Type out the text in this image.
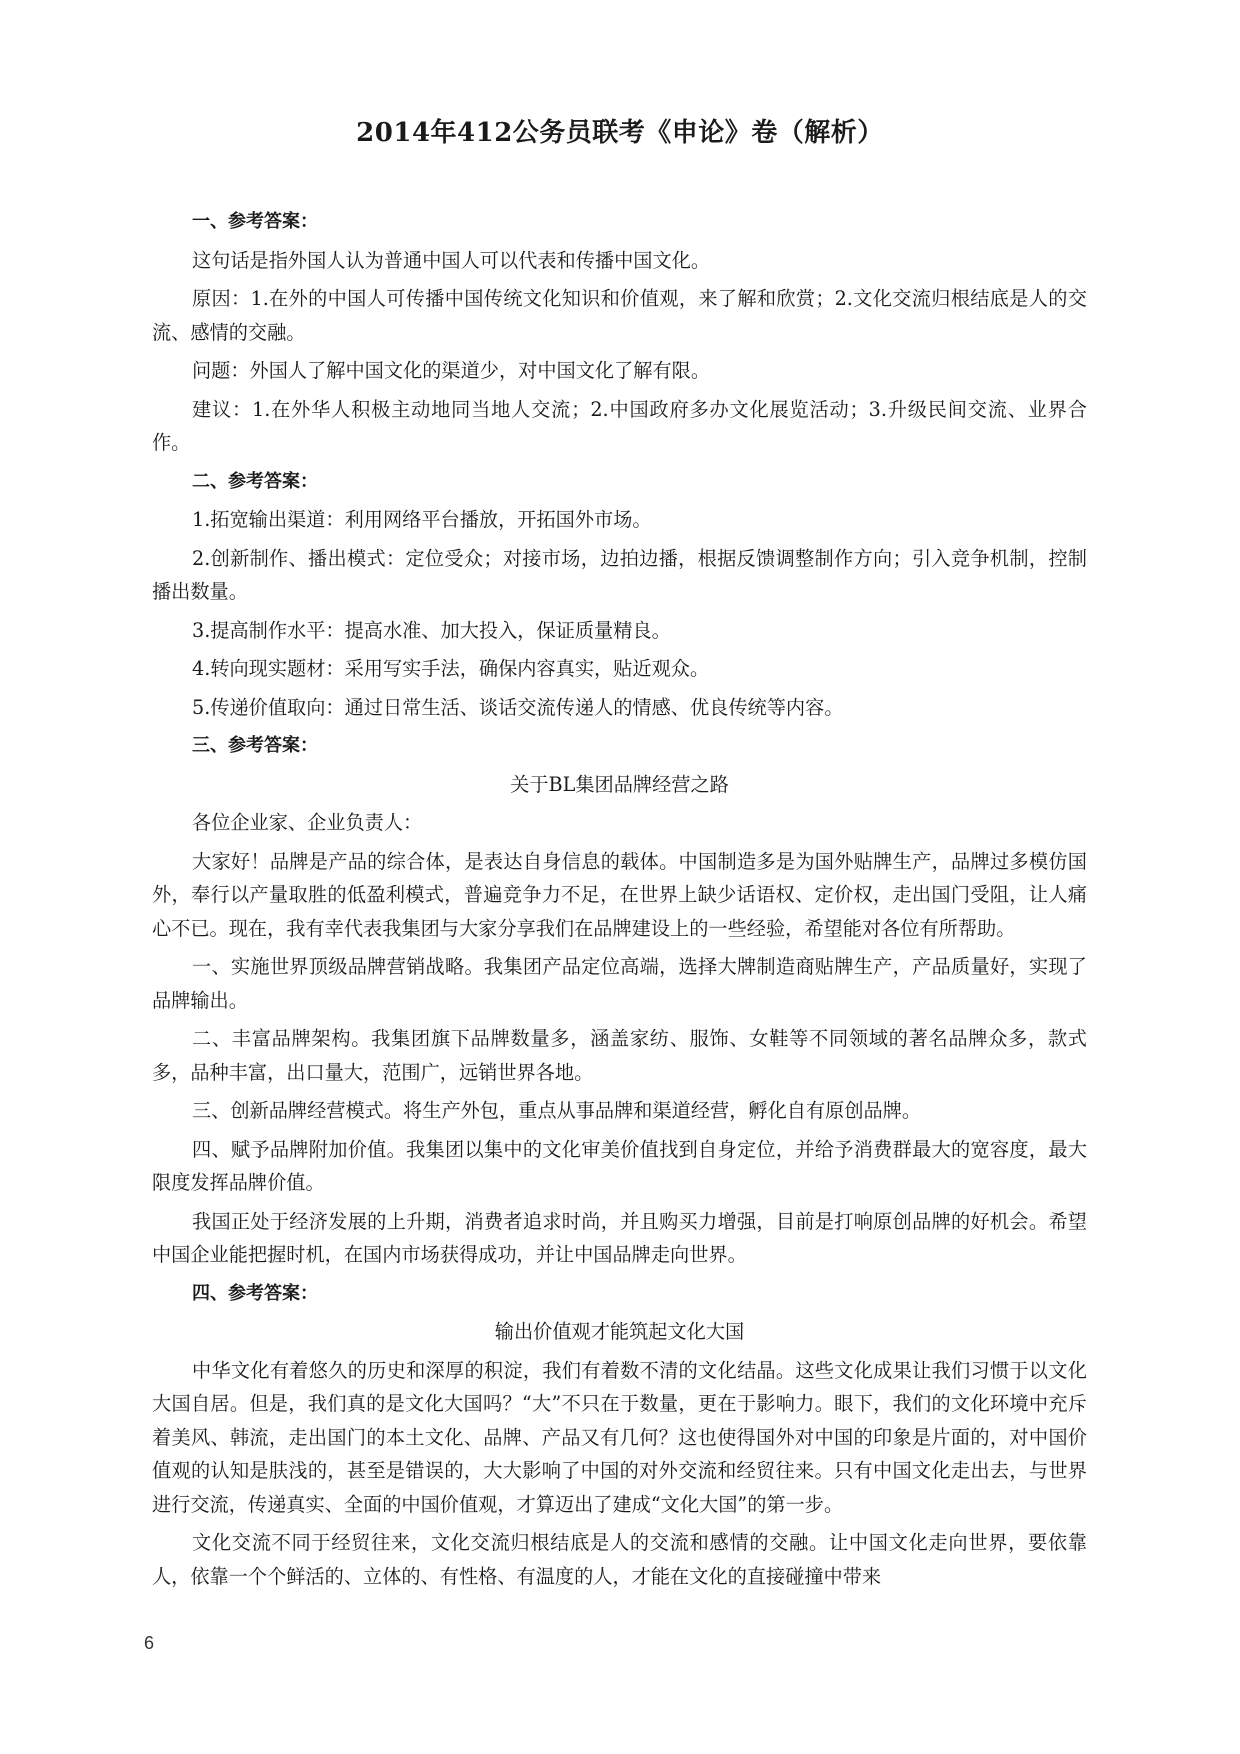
2014年412公务员联考《申论》卷（解析）

一、参考答案：

这句话是指外国人认为普通中国人可以代表和传播中国文化。

原因：1.在外的中国人可传播中国传统文化知识和价值观，来了解和欣赏；2.文化交流归根结底是人的交流、感情的交融。

问题：外国人了解中国文化的渠道少，对中国文化了解有限。

建议：1.在外华人积极主动地同当地人交流；2.中国政府多办文化展览活动；3.升级民间交流、业界合作。

二、参考答案：

1.拓宽输出渠道：利用网络平台播放，开拓国外市场。

2.创新制作、播出模式：定位受众；对接市场，边拍边播，根据反馈调整制作方向；引入竞争机制，控制播出数量。

3.提高制作水平：提高水准、加大投入，保证质量精良。

4.转向现实题材：采用写实手法，确保内容真实，贴近观众。

5.传递价值取向：通过日常生活、谈话交流传递人的情感、优良传统等内容。

三、参考答案：

关于BL集团品牌经营之路

各位企业家、企业负责人：

大家好！品牌是产品的综合体，是表达自身信息的载体。中国制造多是为国外贴牌生产，品牌过多模仿国外，奉行以产量取胜的低盈利模式，普遍竞争力不足，在世界上缺少话语权、定价权，走出国门受阻，让人痛心不已。现在，我有幸代表我集团与大家分享我们在品牌建设上的一些经验，希望能对各位有所帮助。

一、实施世界顶级品牌营销战略。我集团产品定位高端，选择大牌制造商贴牌生产，产品质量好，实现了品牌输出。

二、丰富品牌架构。我集团旗下品牌数量多，涵盖家纺、服饰、女鞋等不同领域的著名品牌众多，款式多，品种丰富，出口量大，范围广，远销世界各地。

三、创新品牌经营模式。将生产外包，重点从事品牌和渠道经营，孵化自有原创品牌。

四、赋予品牌附加价值。我集团以集中的文化审美价值找到自身定位，并给予消费群最大的宽容度，最大限度发挥品牌价值。

我国正处于经济发展的上升期，消费者追求时尚，并且购买力增强，目前是打响原创品牌的好机会。希望中国企业能把握时机，在国内市场获得成功，并让中国品牌走向世界。

四、参考答案：

输出价值观才能筑起文化大国

中华文化有着悠久的历史和深厚的积淀，我们有着数不清的文化结晶。这些文化成果让我们习惯于以文化大国自居。但是，我们真的是文化大国吗？“大”不只在于数量，更在于影响力。眼下，我们的文化环境中充斥着美风、韩流，走出国门的本土文化、品牌、产品又有几何？这也使得国外对中国的印象是片面的，对中国价值观的认知是肤浅的，甚至是错误的，大大影响了中国的对外交流和经贸往来。只有中国文化走出去，与世界进行交流，传递真实、全面的中国价值观，才算迈出了建成“文化大国”的第一步。

文化交流不同于经贸往来，文化交流归根结底是人的交流和感情的交融。让中国文化走向世界，要依靠人，依靠一个个鲜活的、立体的、有性格、有温度的人，才能在文化的直接碰撞中带来

6
